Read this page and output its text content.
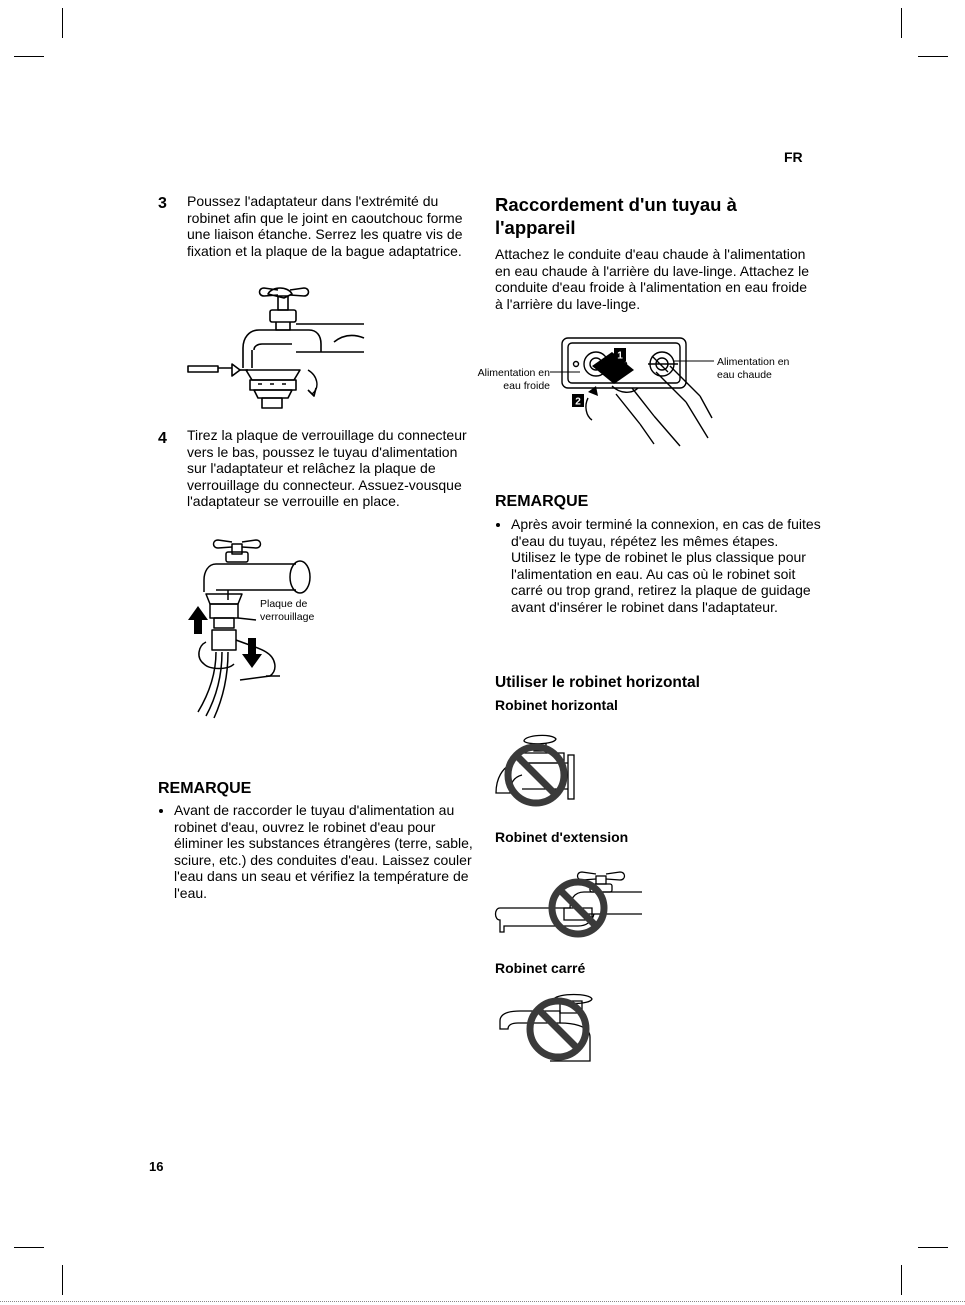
FR
3 Poussez l'adaptateur dans l'extrémité du robinet afin que le joint en caoutchouc forme une liaison étanche. Serrez les quatre vis de fixation et la plaque de la bague adaptatrice.
4 Tirez la plaque de verrouillage du connecteur vers le bas, poussez le tuyau d'alimentation sur l'adaptateur et relâchez la plaque de verrouillage du connecteur. Assuez-vousque l'adaptateur se verrouille en place.
Plaque de
verrouillage
REMARQUE
• Avant de raccorder le tuyau d'alimentation au robinet d'eau, ouvrez le robinet d'eau pour éliminer les substances étrangères (terre, sable, sciure, etc.) des conduites d'eau. Laissez couler l'eau dans un seau et vérifiez la température de l'eau.
16
Raccordement d'un tuyau à
l'appareil
Attachez le conduite d'eau chaude à l'alimentation en eau chaude à l'arrière du lave-linge. Attachez le conduite d'eau froide à l'alimentation en eau froide à l'arrière du lave-linge.
1
2
Alimentation en
eau froide
Alimentation en
eau chaude
REMARQUE
• Après avoir terminé la connexion, en cas de fuites d'eau du tuyau, répétez les mêmes étapes. Utilisez le type de robinet le plus classique pour l'alimentation en eau. Au cas où le robinet soit carré ou trop grand, retirez la plaque de guidage avant d'insérer le robinet dans l'adaptateur.
Utiliser le robinet horizontal
Robinet horizontal
Robinet d'extension
Robinet carré
